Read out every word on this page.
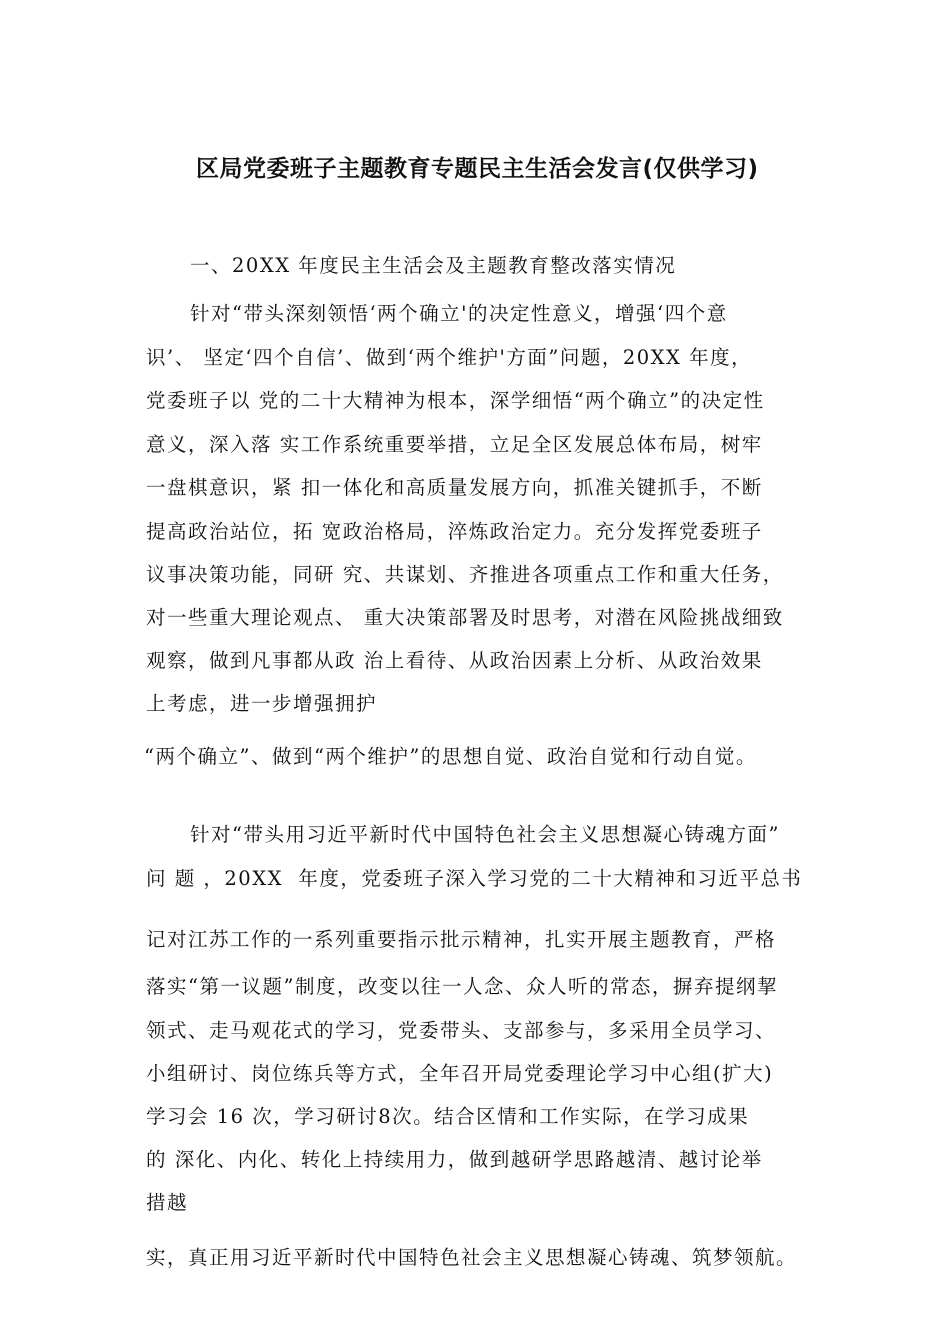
区局党委班子主题教育专题民主生活会发言(仅供学习)
一、20XX 年度民主生活会及主题教育整改落实情况
针对“带头深刻领悟‘两个确立'的决定性意义，增强‘四个意
识’、 坚定‘四个自信’、做到‘两个维护'方面”问题，20XX 年度，
党委班子以 党的二十大精神为根本，深学细悟“两个确立”的决定性
意义，深入落 实工作系统重要举措，立足全区发展总体布局，树牢
一盘棋意识，紧 扣一体化和高质量发展方向，抓准关键抓手，不断
提高政治站位，拓 宽政治格局，淬炼政治定力。充分发挥党委班子
议事决策功能，同研 究、共谋划、齐推进各项重点工作和重大任务，
对一些重大理论观点、 重大决策部署及时思考，对潜在风险挑战细致
观察，做到凡事都从政 治上看待、从政治因素上分析、从政治效果
上考虑，进一步增强拥护
“两个确立”、做到“两个维护”的思想自觉、政治自觉和行动自觉。
针对“带头用习近平新时代中国特色社会主义思想凝心铸魂方面”
问 题 ，20XX  年度，党委班子深入学习党的二十大精神和习近平总书
记对江苏工作的一系列重要指示批示精神，扎实开展主题教育，严格
落实“第一议题”制度，改变以往一人念、众人听的常态，摒弃提纲挈
领式、走马观花式的学习，党委带头、支部参与，多采用全员学习、
小组研讨、岗位练兵等方式，全年召开局党委理论学习中心组(扩大)
学习会 16 次，学习研讨8次。结合区情和工作实际，在学习成果
的 深化、内化、转化上持续用力，做到越研学思路越清、越讨论举
措越
实，真正用习近平新时代中国特色社会主义思想凝心铸魂、筑梦领航。
